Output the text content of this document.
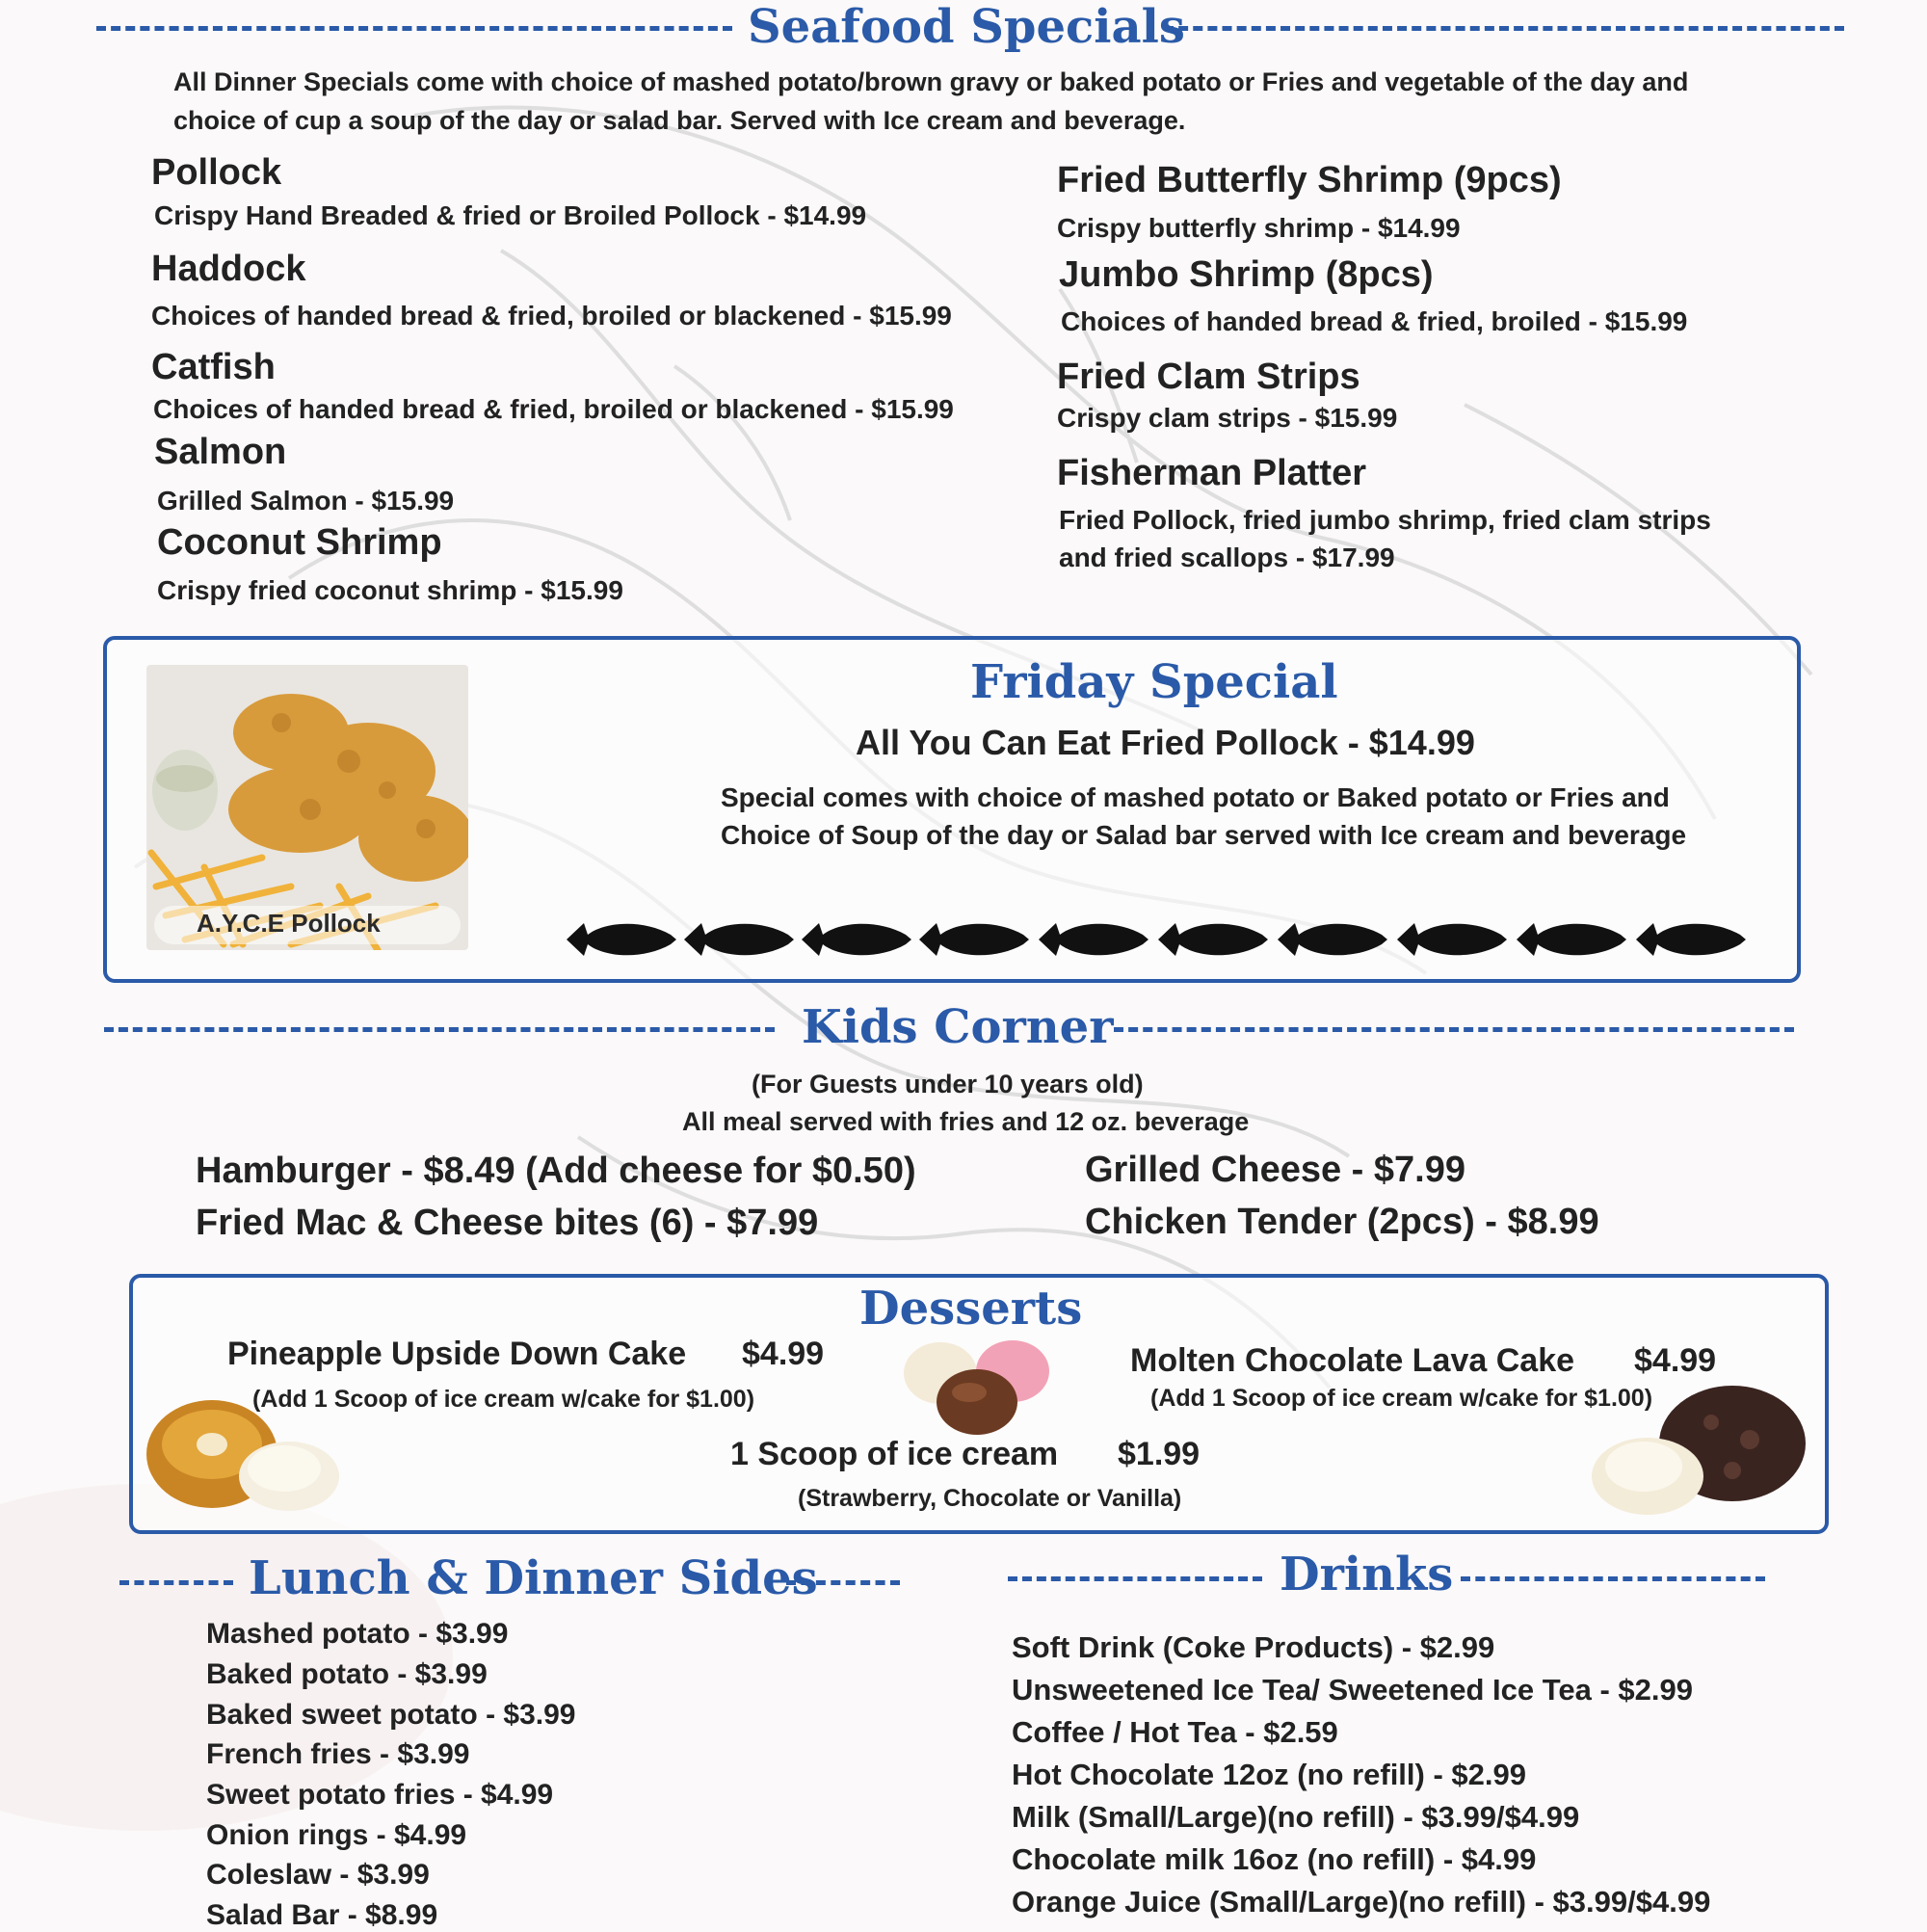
Seafood Specials
All Dinner Specials come with choice of mashed potato/brown gravy or baked potato or Fries and vegetable of the day and
choice of cup a soup of the day or salad bar. Served with Ice cream and beverage.
Pollock
Crispy Hand Breaded & fried or Broiled Pollock - $14.99
Haddock
Choices of handed bread & fried, broiled or blackened - $15.99
Catfish
Choices of handed bread & fried, broiled or blackened - $15.99
Salmon
Grilled Salmon - $15.99
Coconut Shrimp
Crispy fried coconut shrimp - $15.99
Fried Butterfly Shrimp (9pcs)
Crispy butterfly shrimp - $14.99
Jumbo Shrimp (8pcs)
Choices of handed bread & fried, broiled - $15.99
Fried Clam Strips
Crispy clam strips - $15.99
Fisherman Platter
Fried Pollock, fried jumbo shrimp, fried clam strips
and fried scallops - $17.99
A.Y.C.E Pollock
Friday Special
All You Can Eat Fried Pollock - $14.99
Special comes with choice of mashed potato or Baked potato or Fries and
Choice of Soup of the day or Salad bar served with Ice cream and beverage
Kids Corner
(For Guests under 10 years old)
All meal served with fries and 12 oz. beverage
Hamburger - $8.49 (Add cheese for $0.50)
Fried Mac & Cheese bites (6) - $7.99
Grilled Cheese - $7.99
Chicken Tender (2pcs) - $8.99
Desserts
Pineapple Upside Down Cake $4.99
(Add 1 Scoop of ice cream w/cake for $1.00)
Molten Chocolate Lava Cake $4.99
(Add 1 Scoop of ice cream w/cake for $1.00)
1 Scoop of ice cream $1.99
(Strawberry, Chocolate or Vanilla)
Lunch & Dinner Sides
Mashed potato - $3.99
Baked potato - $3.99
Baked sweet potato - $3.99
French fries - $3.99
Sweet potato fries - $4.99
Onion rings - $4.99
Coleslaw - $3.99
Salad Bar - $8.99
Drinks
Soft Drink (Coke Products) - $2.99
Unsweetened Ice Tea/ Sweetened Ice Tea - $2.99
Coffee / Hot Tea - $2.59
Hot Chocolate 12oz (no refill) - $2.99
Milk (Small/Large)(no refill) - $3.99/$4.99
Chocolate milk 16oz (no refill) - $4.99
Orange Juice (Small/Large)(no refill) - $3.99/$4.99
